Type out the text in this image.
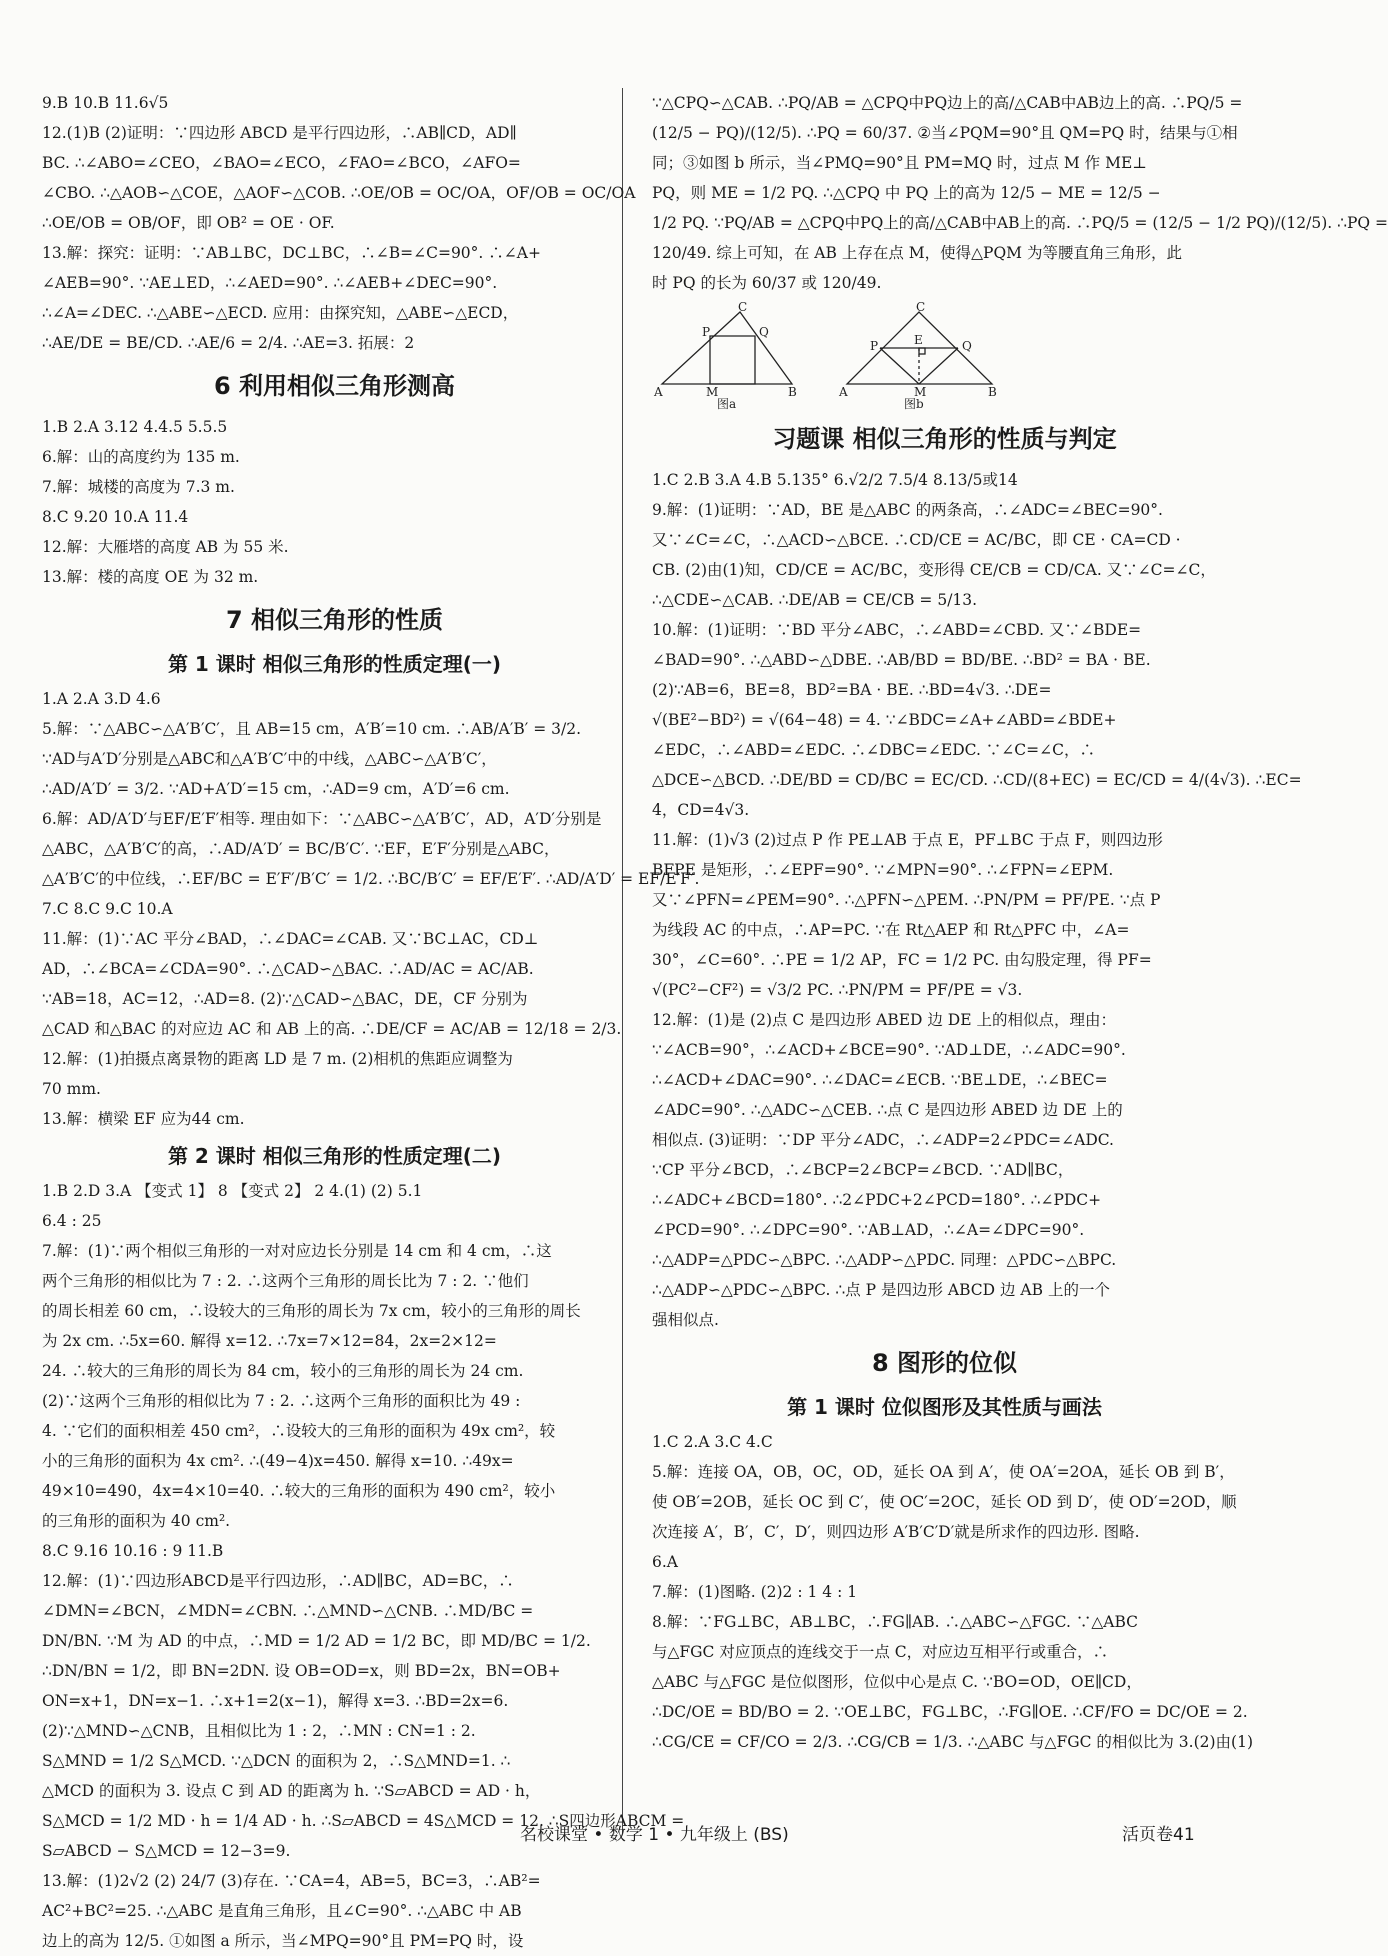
9.B 10.B 11.6√5
12.(1)B (2)证明：∵四边形 ABCD 是平行四边形，∴AB∥CD，AD∥
BC. ∴∠ABO=∠CEO，∠BAO=∠ECO，∠FAO=∠BCO，∠AFO=
∠CBO. ∴△AOB∽△COE，△AOF∽△COB. ∴OE/OB = OC/OA，OF/OB = OC/OA
∴OE/OB = OB/OF，即 OB² = OE · OF.
13.解：探究：证明：∵AB⊥BC，DC⊥BC，∴∠B=∠C=90°. ∴∠A+
∠AEB=90°. ∵AE⊥ED，∴∠AED=90°. ∴∠AEB+∠DEC=90°.
∴∠A=∠DEC. ∴△ABE∽△ECD. 应用：由探究知，△ABE∽△ECD，
∴AE/DE = BE/CD. ∴AE/6 = 2/4. ∴AE=3. 拓展：2
6 利用相似三角形测高
1.B 2.A 3.12 4.4.5 5.5.5
6.解：山的高度约为 135 m.
7.解：城楼的高度为 7.3 m.
8.C 9.20 10.A 11.4
12.解：大雁塔的高度 AB 为 55 米.
13.解：楼的高度 OE 为 32 m.
7 相似三角形的性质
第 1 课时 相似三角形的性质定理(一)
1.A 2.A 3.D 4.6
5.解：∵△ABC∽△A′B′C′，且 AB=15 cm，A′B′=10 cm. ∴AB/A′B′ = 3/2.
∵AD与A′D′分别是△ABC和△A′B′C′中的中线，△ABC∽△A′B′C′，
∴AD/A′D′ = 3/2. ∵AD+A′D′=15 cm，∴AD=9 cm，A′D′=6 cm.
6.解：AD/A′D′与EF/E′F′相等. 理由如下：∵△ABC∽△A′B′C′，AD，A′D′分别是
△ABC，△A′B′C′的高，∴AD/A′D′ = BC/B′C′. ∵EF，E′F′分别是△ABC，
△A′B′C′的中位线，∴EF/BC = E′F′/B′C′ = 1/2. ∴BC/B′C′ = EF/E′F′. ∴AD/A′D′ = EF/E′F′.
7.C 8.C 9.C 10.A
11.解：(1)∵AC 平分∠BAD，∴∠DAC=∠CAB. 又∵BC⊥AC，CD⊥
AD，∴∠BCA=∠CDA=90°. ∴△CAD∽△BAC. ∴AD/AC = AC/AB.
∵AB=18，AC=12，∴AD=8. (2)∵△CAD∽△BAC，DE，CF 分别为
△CAD 和△BAC 的对应边 AC 和 AB 上的高. ∴DE/CF = AC/AB = 12/18 = 2/3.
12.解：(1)拍摄点离景物的距离 LD 是 7 m. (2)相机的焦距应调整为
70 mm.
13.解：横梁 EF 应为44 cm.
第 2 课时 相似三角形的性质定理(二)
1.B 2.D 3.A 【变式 1】 8 【变式 2】 2 4.(1) (2) 5.1
6.4 : 25
7.解：(1)∵两个相似三角形的一对对应边长分别是 14 cm 和 4 cm，∴这
两个三角形的相似比为 7 : 2. ∴这两个三角形的周长比为 7 : 2. ∵他们
的周长相差 60 cm，∴设较大的三角形的周长为 7x cm，较小的三角形的周长
为 2x cm. ∴5x=60. 解得 x=12. ∴7x=7×12=84，2x=2×12=
24. ∴较大的三角形的周长为 84 cm，较小的三角形的周长为 24 cm.
(2)∵这两个三角形的相似比为 7 : 2. ∴这两个三角形的面积比为 49 :
4. ∵它们的面积相差 450 cm²，∴设较大的三角形的面积为 49x cm²，较
小的三角形的面积为 4x cm². ∴(49−4)x=450. 解得 x=10. ∴49x=
49×10=490，4x=4×10=40. ∴较大的三角形的面积为 490 cm²，较小
的三角形的面积为 40 cm².
8.C 9.16 10.16 : 9 11.B
12.解：(1)∵四边形ABCD是平行四边形，∴AD∥BC，AD=BC，∴
∠DMN=∠BCN，∠MDN=∠CBN. ∴△MND∽△CNB. ∴MD/BC =
DN/BN. ∵M 为 AD 的中点，∴MD = 1/2 AD = 1/2 BC，即 MD/BC = 1/2.
∴DN/BN = 1/2，即 BN=2DN. 设 OB=OD=x，则 BD=2x，BN=OB+
ON=x+1，DN=x−1. ∴x+1=2(x−1)，解得 x=3. ∴BD=2x=6.
(2)∵△MND∽△CNB，且相似比为 1 : 2，∴MN : CN=1 : 2.
S△MND = 1/2 S△MCD. ∵△DCN 的面积为 2，∴S△MND=1. ∴
△MCD 的面积为 3. 设点 C 到 AD 的距离为 h. ∵S▱ABCD = AD · h，
S△MCD = 1/2 MD · h = 1/4 AD · h. ∴S▱ABCD = 4S△MCD = 12. ∴S四边形ABCM =
S▱ABCD − S△MCD = 12−3=9.
13.解：(1)2√2 (2) 24/7 (3)存在. ∵CA=4，AB=5，BC=3，∴AB²=
AC²+BC²=25. ∴△ABC 是直角三角形，且∠C=90°. ∴△ABC 中 AB
边上的高为 12/5. ①如图 a 所示，当∠MPQ=90°且 PM=PQ 时，设
∵△CPQ∽△CAB. ∴PQ/AB = △CPQ中PQ边上的高/△CAB中AB边上的高. ∴PQ/5 =
(12/5 − PQ)/(12/5). ∴PQ = 60/37. ②当∠PQM=90°且 QM=PQ 时，结果与①相
同；③如图 b 所示，当∠PMQ=90°且 PM=MQ 时，过点 M 作 ME⊥
PQ，则 ME = 1/2 PQ. ∴△CPQ 中 PQ 上的高为 12/5 − ME = 12/5 −
1/2 PQ. ∵PQ/AB = △CPQ中PQ上的高/△CAB中AB上的高. ∴PQ/5 = (12/5 − 1/2 PQ)/(12/5). ∴PQ =
120/49. 综上可知，在 AB 上存在点 M，使得△PQM 为等腰直角三角形，此
时 PQ 的长为 60/37 或 120/49.
A	B
C
P	Q
M
图a
A	B
C
P	Q
E
M
图b
习题课 相似三角形的性质与判定
1.C 2.B 3.A 4.B 5.135° 6.√2/2 7.5/4 8.13/5或14
9.解：(1)证明：∵AD，BE 是△ABC 的两条高，∴∠ADC=∠BEC=90°.
又∵∠C=∠C，∴△ACD∽△BCE. ∴CD/CE = AC/BC，即 CE · CA=CD ·
CB. (2)由(1)知，CD/CE = AC/BC，变形得 CE/CB = CD/CA. 又∵∠C=∠C，
∴△CDE∽△CAB. ∴DE/AB = CE/CB = 5/13.
10.解：(1)证明：∵BD 平分∠ABC，∴∠ABD=∠CBD. 又∵∠BDE=
∠BAD=90°. ∴△ABD∽△DBE. ∴AB/BD = BD/BE. ∴BD² = BA · BE.
(2)∵AB=6，BE=8，BD²=BA · BE. ∴BD=4√3. ∴DE=
√(BE²−BD²) = √(64−48) = 4. ∵∠BDC=∠A+∠ABD=∠BDE+
∠EDC，∴∠ABD=∠EDC. ∴∠DBC=∠EDC. ∵∠C=∠C，∴
△DCE∽△BCD. ∴DE/BD = CD/BC = EC/CD. ∴CD/(8+EC) = EC/CD = 4/(4√3). ∴EC=
4，CD=4√3.
11.解：(1)√3 (2)过点 P 作 PE⊥AB 于点 E，PF⊥BC 于点 F，则四边形
BFPE 是矩形，∴∠EPF=90°. ∵∠MPN=90°. ∴∠FPN=∠EPM.
又∵∠PFN=∠PEM=90°. ∴△PFN∽△PEM. ∴PN/PM = PF/PE. ∵点 P
为线段 AC 的中点，∴AP=PC. ∵在 Rt△AEP 和 Rt△PFC 中，∠A=
30°，∠C=60°. ∴PE = 1/2 AP，FC = 1/2 PC. 由勾股定理，得 PF=
√(PC²−CF²) = √3/2 PC. ∴PN/PM = PF/PE = √3.
12.解：(1)是 (2)点 C 是四边形 ABED 边 DE 上的相似点，理由：
∵∠ACB=90°，∴∠ACD+∠BCE=90°. ∵AD⊥DE，∴∠ADC=90°.
∴∠ACD+∠DAC=90°. ∴∠DAC=∠ECB. ∵BE⊥DE，∴∠BEC=
∠ADC=90°. ∴△ADC∽△CEB. ∴点 C 是四边形 ABED 边 DE 上的
相似点. (3)证明：∵DP 平分∠ADC，∴∠ADP=2∠PDC=∠ADC.
∵CP 平分∠BCD，∴∠BCP=2∠BCP=∠BCD. ∵AD∥BC，
∴∠ADC+∠BCD=180°. ∴2∠PDC+2∠PCD=180°. ∴∠PDC+
∠PCD=90°. ∴∠DPC=90°. ∵AB⊥AD，∴∠A=∠DPC=90°.
∴△ADP=△PDC∽△BPC. ∴△ADP∽△PDC. 同理：△PDC∽△BPC.
∴△ADP∽△PDC∽△BPC. ∴点 P 是四边形 ABCD 边 AB 上的一个
强相似点.
8 图形的位似
第 1 课时 位似图形及其性质与画法
1.C 2.A 3.C 4.C
5.解：连接 OA，OB，OC，OD，延长 OA 到 A′，使 OA′=2OA，延长 OB 到 B′，
使 OB′=2OB，延长 OC 到 C′，使 OC′=2OC，延长 OD 到 D′，使 OD′=2OD，顺
次连接 A′，B′，C′，D′，则四边形 A′B′C′D′就是所求作的四边形. 图略.
6.A
7.解：(1)图略. (2)2 : 1 4 : 1
8.解：∵FG⊥BC，AB⊥BC，∴FG∥AB. ∴△ABC∽△FGC. ∵△ABC
与△FGC 对应顶点的连线交于一点 C，对应边互相平行或重合，∴
△ABC 与△FGC 是位似图形，位似中心是点 C. ∵BO=OD，OE∥CD，
∴DC/OE = BD/BO = 2. ∵OE⊥BC，FG⊥BC，∴FG∥OE. ∴CF/FO = DC/OE = 2.
∴CG/CE = CF/CO = 2/3. ∴CG/CB = 1/3. ∴△ABC 与△FGC 的相似比为 3.(2)由(1)
名校课堂 • 数学 1 • 九年级上 (BS)	活页卷41
